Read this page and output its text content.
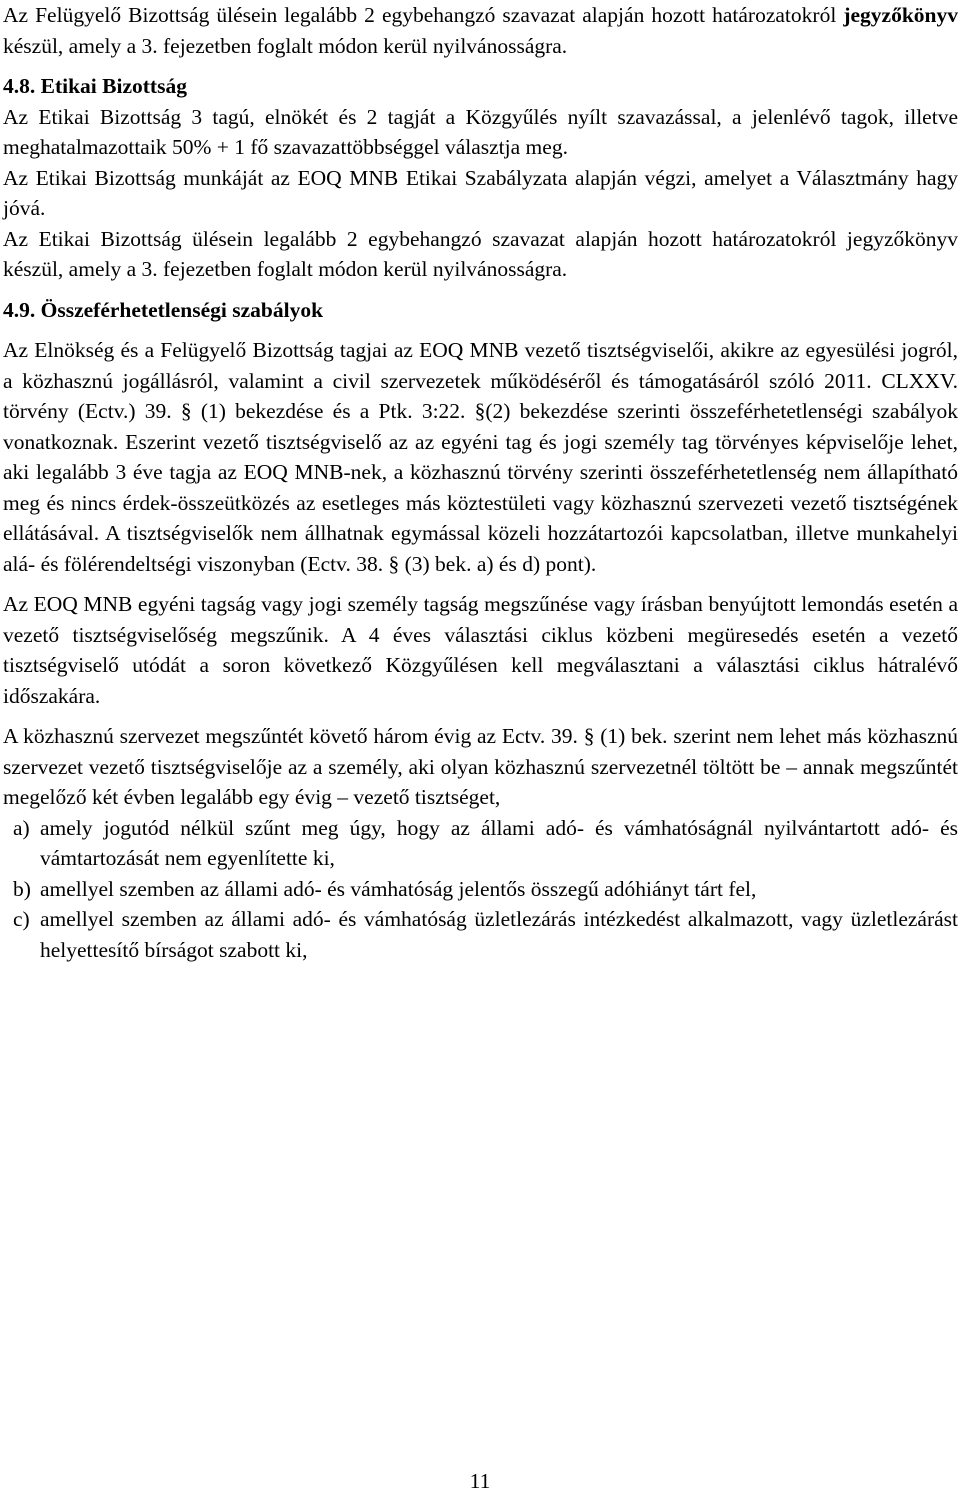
Az Felügyelő Bizottság ülésein legalább 2 egybehangzó szavazat alapján hozott határozatokról jegyzőkönyv készül, amely a 3. fejezetben foglalt módon kerül nyilvánosságra.

4.8. Etikai Bizottság

Az Etikai Bizottság 3 tagú, elnökét és 2 tagját a Közgyűlés nyílt szavazással, a jelenlévő tagok, illetve meghatalmazottaik 50% + 1 fő szavazattöbbséggel választja meg.

Az Etikai Bizottság munkáját az EOQ MNB Etikai Szabályzata alapján végzi, amelyet a Választmány hagy jóvá.

Az Etikai Bizottság ülésein legalább 2 egybehangzó szavazat alapján hozott határozatokról jegyzőkönyv készül, amely a 3. fejezetben foglalt módon kerül nyilvánosságra.

4.9. Összeférhetetlenségi szabályok

Az Elnökség és a Felügyelő Bizottság tagjai az EOQ MNB vezető tisztségviselői, akikre az egyesülési jogról, a közhasznú jogállásról, valamint a civil szervezetek működéséről és támogatásáról szóló 2011. CLXXV. törvény (Ectv.) 39. § (1) bekezdése és a Ptk. 3:22. §(2) bekezdése szerinti összeférhetetlenségi szabályok vonatkoznak. Eszerint vezető tisztségviselő az az egyéni tag és jogi személy tag törvényes képviselője lehet, aki legalább 3 éve tagja az EOQ MNB-nek, a közhasznú törvény szerinti összeférhetetlenség nem állapítható meg és nincs érdek-összeütközés az esetleges más köztestületi vagy közhasznú szervezeti vezető tisztségének ellátásával. A tisztségviselők nem állhatnak egymással közeli hozzátartozói kapcsolatban, illetve munkahelyi alá- és fölérendeltségi viszonyban (Ectv. 38. § (3) bek. a) és d) pont).

Az EOQ MNB egyéni tagság vagy jogi személy tagság megszűnése vagy írásban benyújtott lemondás esetén a vezető tisztségviselőség megszűnik. A 4 éves választási ciklus közbeni megüresedés esetén a vezető tisztségviselő utódát a soron következő Közgyűlésen kell megválasztani a választási ciklus hátralévő időszakára.

A közhasznú szervezet megszűntét követő három évig az Ectv. 39. § (1) bek. szerint nem lehet más közhasznú szervezet vezető tisztségviselője az a személy, aki olyan közhasznú szervezetnél töltött be – annak megszűntét megelőző két évben legalább egy évig – vezető tisztséget,

a) amely jogutód nélkül szűnt meg úgy, hogy az állami adó- és vámhatóságnál nyilvántartott adó- és vámtartozását nem egyenlítette ki,
b) amellyel szemben az állami adó- és vámhatóság jelentős összegű adóhiányt tárt fel,
c) amellyel szemben az állami adó- és vámhatóság üzletlezárás intézkedést alkalmazott, vagy üzletlezárást helyettesítő bírságot szabott ki,
11
